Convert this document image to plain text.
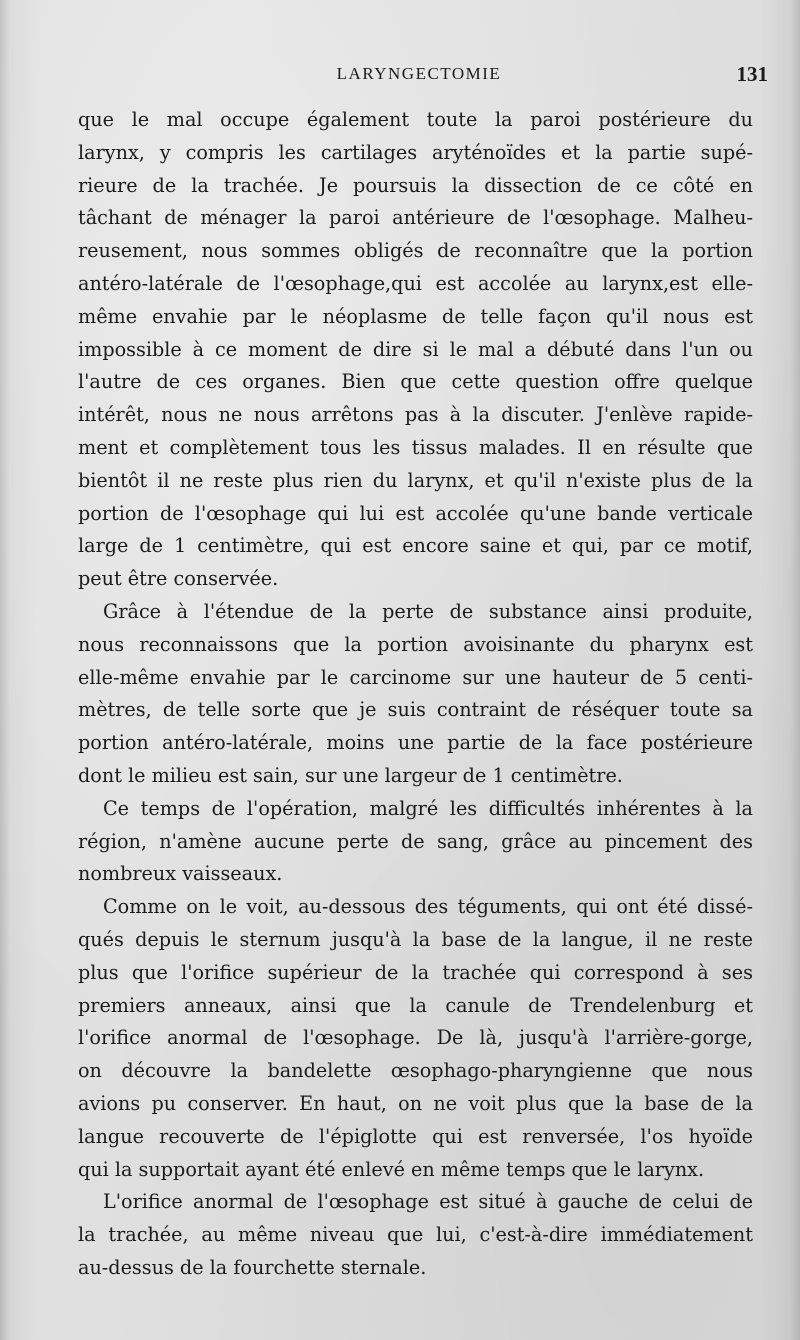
LARYNGECTOMIE	131
que le mal occupe également toute la paroi postérieure du
larynx, y compris les cartilages aryténoïdes et la partie supé-
rieure de la trachée. Je poursuis la dissection de ce côté en
tâchant de ménager la paroi antérieure de l'œsophage. Malheu-
reusement, nous sommes obligés de reconnaître que la portion
antéro-latérale de l'œsophage,qui est accolée au larynx,est elle-
même envahie par le néoplasme de telle façon qu'il nous est
impossible à ce moment de dire si le mal a débuté dans l'un ou
l'autre de ces organes. Bien que cette question offre quelque
intérêt, nous ne nous arrêtons pas à la discuter. J'enlève rapide-
ment et complètement tous les tissus malades. Il en résulte que
bientôt il ne reste plus rien du larynx, et qu'il n'existe plus de la
portion de l'œsophage qui lui est accolée qu'une bande verticale
large de 1 centimètre, qui est encore saine et qui, par ce motif,
peut être conservée.
Grâce à l'étendue de la perte de substance ainsi produite,
nous reconnaissons que la portion avoisinante du pharynx est
elle-même envahie par le carcinome sur une hauteur de 5 centi-
mètres, de telle sorte que je suis contraint de réséquer toute sa
portion antéro-latérale, moins une partie de la face postérieure
dont le milieu est sain, sur une largeur de 1 centimètre.
Ce temps de l'opération, malgré les difficultés inhérentes à la
région, n'amène aucune perte de sang, grâce au pincement des
nombreux vaisseaux.
Comme on le voit, au-dessous des téguments, qui ont été dissé-
qués depuis le sternum jusqu'à la base de la langue, il ne reste
plus que l'orifice supérieur de la trachée qui correspond à ses
premiers anneaux, ainsi que la canule de Trendelenburg et
l'orifice anormal de l'œsophage. De là, jusqu'à l'arrière-gorge,
on découvre la bandelette œsophago-pharyngienne que nous
avions pu conserver. En haut, on ne voit plus que la base de la
langue recouverte de l'épiglotte qui est renversée, l'os hyoïde
qui la supportait ayant été enlevé en même temps que le larynx.
L'orifice anormal de l'œsophage est situé à gauche de celui de
la trachée, au même niveau que lui, c'est-à-dire immédiatement
au-dessus de la fourchette sternale.
